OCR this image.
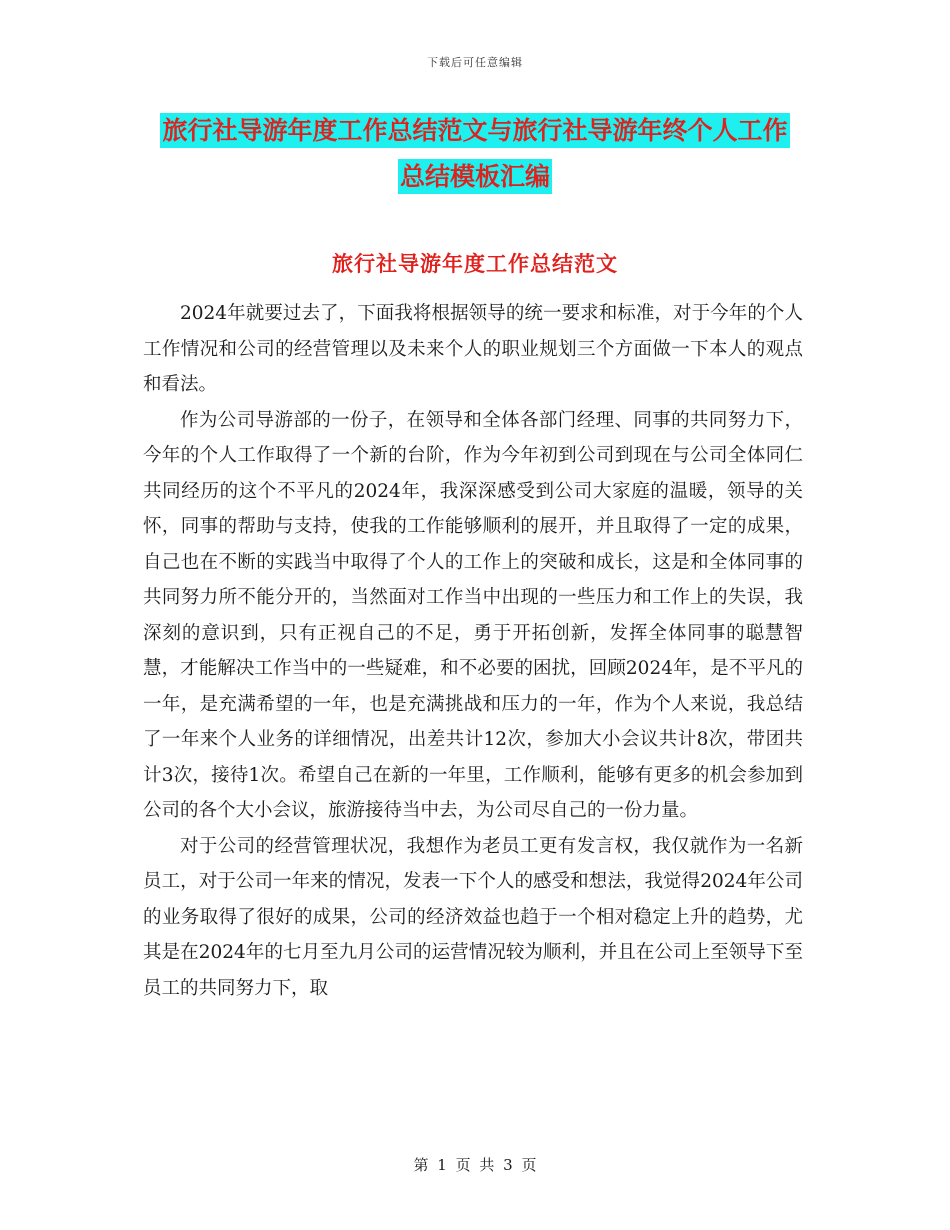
下载后可任意编辑
旅行社导游年度工作总结范文与旅行社导游年终个人工作总结模板汇编
旅行社导游年度工作总结范文

2024年就要过去了，下面我将根据领导的统一要求和标准，对于今年的个人工作情况和公司的经营管理以及未来个人的职业规划三个方面做一下本人的观点和看法。

作为公司导游部的一份子，在领导和全体各部门经理、同事的共同努力下，今年的个人工作取得了一个新的台阶，作为今年初到公司到现在与公司全体同仁共同经历的这个不平凡的2024年，我深深感受到公司大家庭的温暖，领导的关怀，同事的帮助与支持，使我的工作能够顺利的展开，并且取得了一定的成果，自己也在不断的实践当中取得了个人的工作上的突破和成长，这是和全体同事的共同努力所不能分开的，当然面对工作当中出现的一些压力和工作上的失误，我深刻的意识到，只有正视自己的不足，勇于开拓创新，发挥全体同事的聪慧智慧，才能解决工作当中的一些疑难，和不必要的困扰，回顾2024年，是不平凡的一年，是充满希望的一年，也是充满挑战和压力的一年，作为个人来说，我总结了一年来个人业务的详细情况，出差共计12次，参加大小会议共计8次，带团共计3次，接待1次。希望自己在新的一年里，工作顺利，能够有更多的机会参加到公司的各个大小会议，旅游接待当中去，为公司尽自己的一份力量。

对于公司的经营管理状况，我想作为老员工更有发言权，我仅就作为一名新员工，对于公司一年来的情况，发表一下个人的感受和想法，我觉得2024年公司的业务取得了很好的成果，公司的经济效益也趋于一个相对稳定上升的趋势，尤其是在2024年的七月至九月公司的运营情况较为顺利，并且在公司上至领导下至员工的共同努力下，取

第 1 页 共 3 页
